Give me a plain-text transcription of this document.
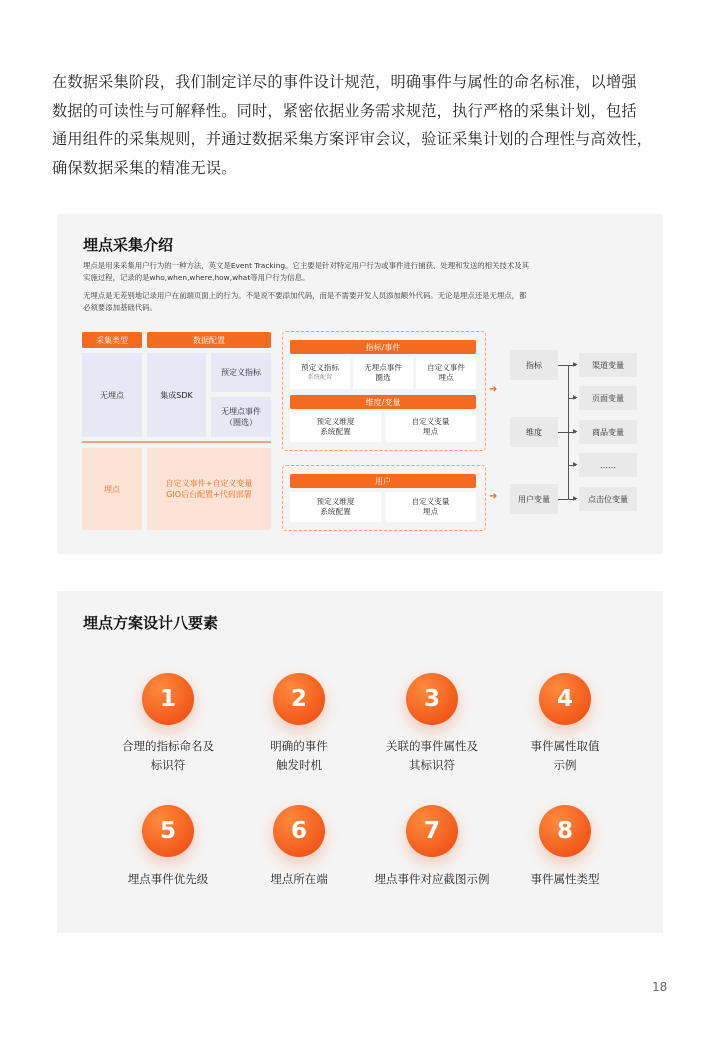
在数据采集阶段，我们制定详尽的事件设计规范，明确事件与属性的命名标准，以增强

数据的可读性与可解释性。同时，紧密依据业务需求规范，执行严格的采集计划，包括

通用组件的采集规则，并通过数据采集方案评审会议，验证采集计划的合理性与高效性，

确保数据采集的精准无误。

埋点采集介绍
埋点是用来采集用户行为的一种方法，英文是Event Tracking。它主要是针对特定用户行为或事件进行捕获、处理和发送的相关技术及其
实施过程，记录的是who,when,where,how,what等用户行为信息。
无埋点是无差别地记录用户在前端页面上的行为。不是说不要添加代码，而是不需要开发人员添加额外代码。无论是埋点还是无埋点，都
必须要添加基础代码。
采集类型	数据配置
无埋点	集成SDK
预定义指标
无埋点事件
（圈选）
埋点
自定义事件+自定义变量
GIO后台配置+代码部署
指标/事件
预定义指标
系统配置
无埋点事件
圈选
自定义事件
埋点
维度/变量
预定义维度
系统配置
自定义变量
埋点
用户
预定义维度
系统配置
自定义变量
埋点
➜
➜
指标
维度
用户变量
▶
▶
▶
▶
▶
渠道变量
页面变量
商品变量
……
点击位变量
埋点方案设计八要素
1	2	3	4
合理的指标命名及
标识符
明确的事件
触发时机
关联的事件属性及
其标识符
事件属性取值
示例
5	6	7	8
埋点事件优先级	埋点所在端	埋点事件对应截图示例	事件属性类型
18
